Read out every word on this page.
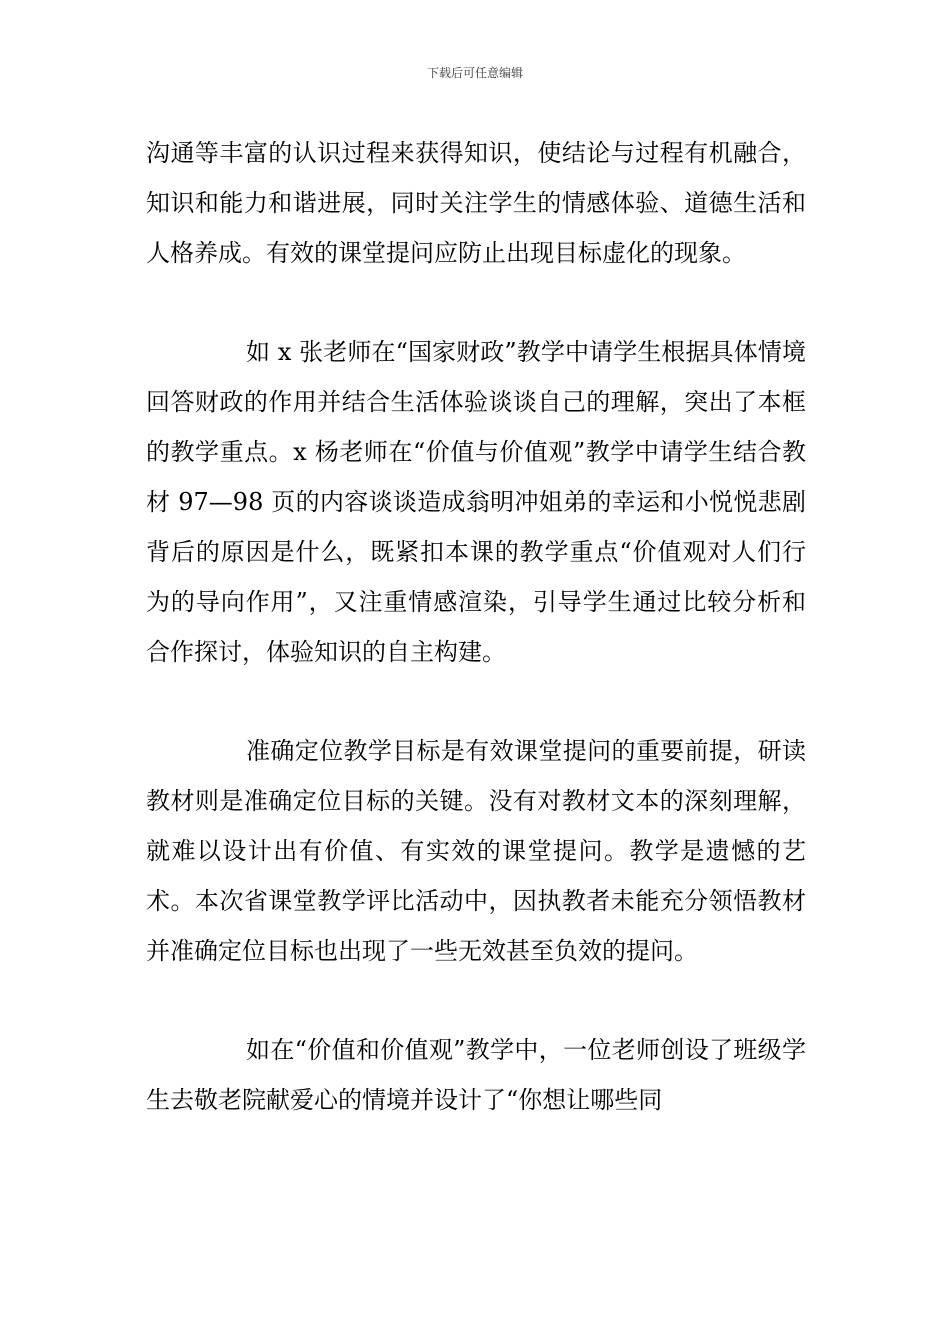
下载后可任意编辑

沟通等丰富的认识过程来获得知识，使结论与过程有机融合，知识和能力和谐进展，同时关注学生的情感体验、道德生活和人格养成。有效的课堂提问应防止出现目标虚化的现象。

如 x 张老师在“国家财政”教学中请学生根据具体情境回答财政的作用并结合生活体验谈谈自己的理解，突出了本框的教学重点。x 杨老师在“价值与价值观”教学中请学生结合教材 97—98 页的内容谈谈造成翁明冲姐弟的幸运和小悦悦悲剧背后的原因是什么，既紧扣本课的教学重点“价值观对人们行为的导向作用”，又注重情感渲染，引导学生通过比较分析和合作探讨，体验知识的自主构建。

准确定位教学目标是有效课堂提问的重要前提，研读教材则是准确定位目标的关键。没有对教材文本的深刻理解，就难以设计出有价值、有实效的课堂提问。教学是遗憾的艺术。本次省课堂教学评比活动中，因执教者未能充分领悟教材并准确定位目标也出现了一些无效甚至负效的提问。

如在“价值和价值观”教学中，一位老师创设了班级学生去敬老院献爱心的情境并设计了“你想让哪些同
